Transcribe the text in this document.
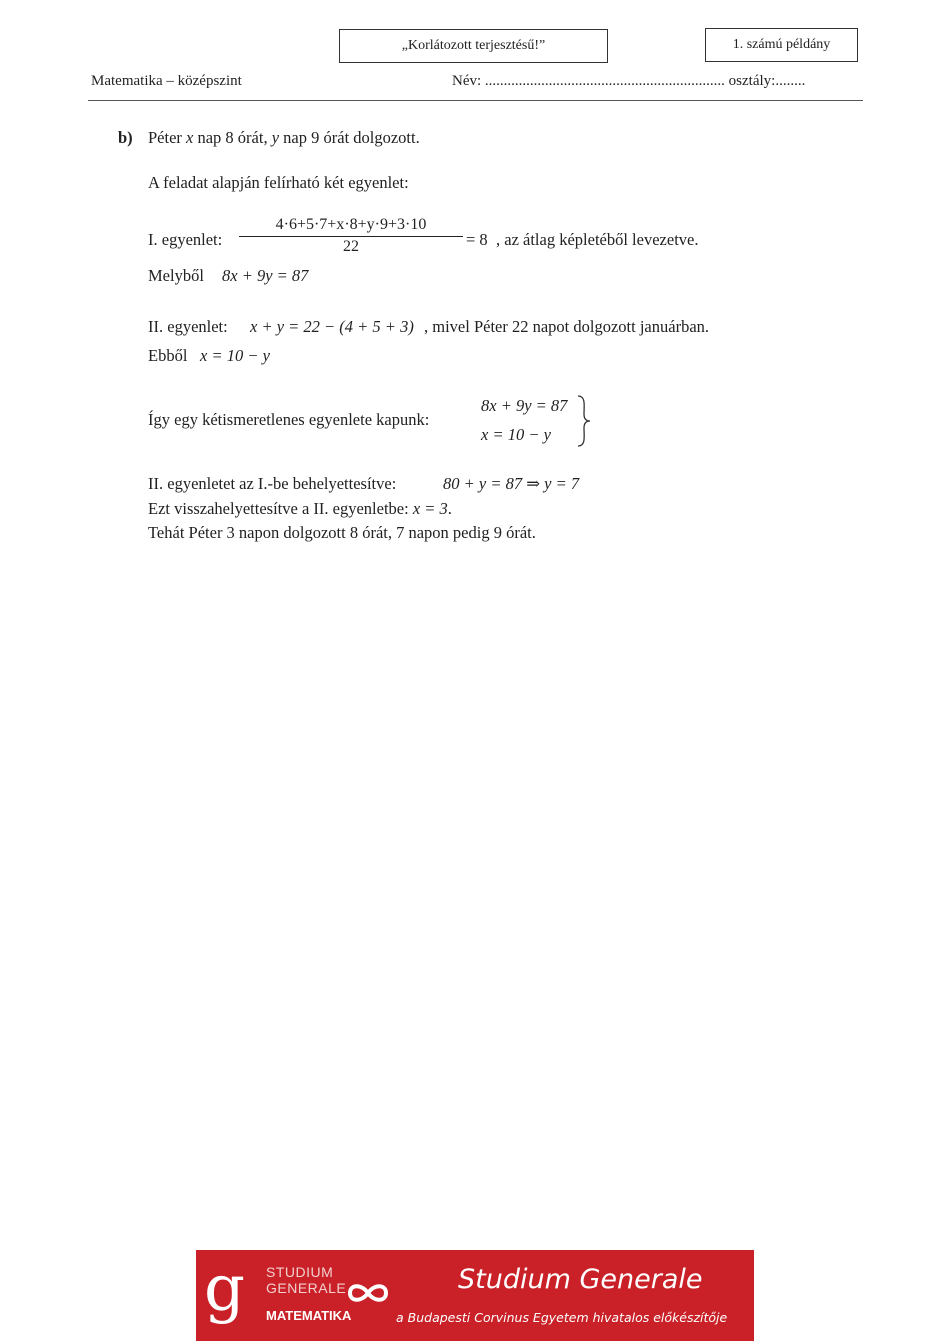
„Korlátozott terjesztésű!”	1. számú példány
Matematika – középszint	Név: ................................................................ osztály:........
b) Péter x nap 8 órát, y nap 9 órát dolgozott.
A feladat alapján felírható két egyenlet:
I. egyenlet:
4·6+5·7+x·8+y·9+3·10
22	= 8 , az átlag képletéből levezetve.
Melyből 8x + 9y = 87
II. egyenlet: x + y = 22 − (4 + 5 + 3) , mivel Péter 22 napot dolgozott januárban.
Ebből x = 10 − y
Így egy kétismeretlenes egyenlete kapunk:
8x + 9y = 87
x = 10 − y
II. egyenletet az I.-be behelyettesítve:	80 + y = 87 ⇒ y = 7
Ezt visszahelyettesítve a II. egyenletbe: x = 3.
Tehát Péter 3 napon dolgozott 8 órát, 7 napon pedig 9 órát.
g STUDIUM
GENERALE
MATEMATIKA
Studium Generale
a Budapesti Corvinus Egyetem hivatalos előkészítője
